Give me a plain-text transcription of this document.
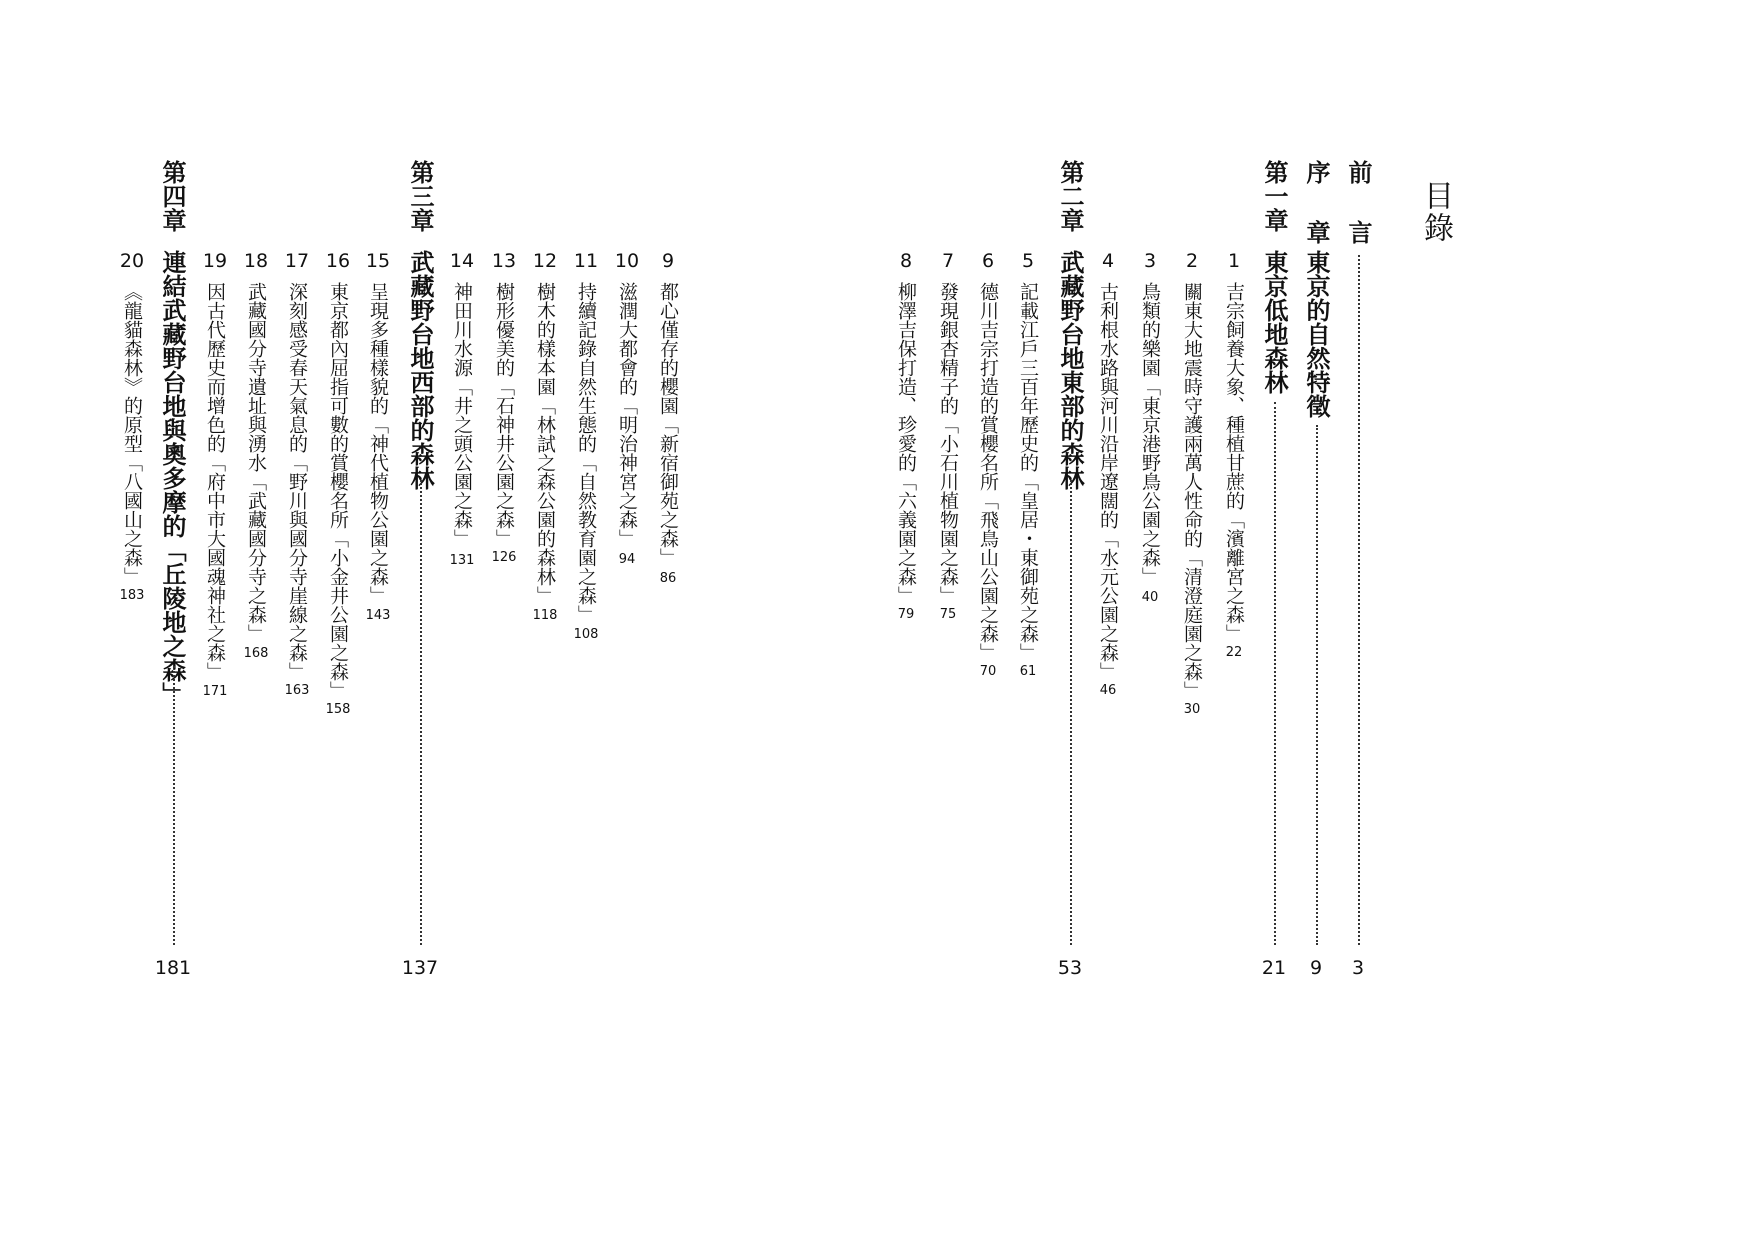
目錄
前　言
3
序　章
東京的自然特徵
9
第一章
東京低地森林
21
1
吉宗飼養大象、種植甘蔗的「濱離宮之森」
22
2
關東大地震時守護兩萬人性命的「清澄庭園之森」
30
3
鳥類的樂園「東京港野鳥公園之森」
40
4
古利根水路與河川沿岸遼闊的「水元公園之森」
46
第二章
武藏野台地東部的森林
53
5
記載江戶三百年歷史的「皇居・東御苑之森」
61
6
德川吉宗打造的賞櫻名所「飛鳥山公園之森」
70
7
發現銀杏精子的「小石川植物園之森」
75
8
柳澤吉保打造、珍愛的「六義園之森」
79
9
都心僅存的櫻園「新宿御苑之森」
86
10
滋潤大都會的「明治神宮之森」
94
11
持續記錄自然生態的「自然教育園之森」
108
12
樹木的樣本園「林試之森公園的森林」
118
13
樹形優美的「石神井公園之森」
126
14
神田川水源「井之頭公園之森」
131
第三章
武藏野台地西部的森林
137
15
呈現多種樣貌的「神代植物公園之森」
143
16
東京都內屈指可數的賞櫻名所「小金井公園之森」
158
17
深刻感受春天氣息的「野川與國分寺崖線之森」
163
18
武藏國分寺遺址與湧水「武藏國分寺之森」
168
19
因古代歷史而增色的「府中市大國魂神社之森」
171
第四章
連結武藏野台地與奧多摩的「丘陵地之森」
181
20
《龍貓森林》的原型「八國山之森」
183
